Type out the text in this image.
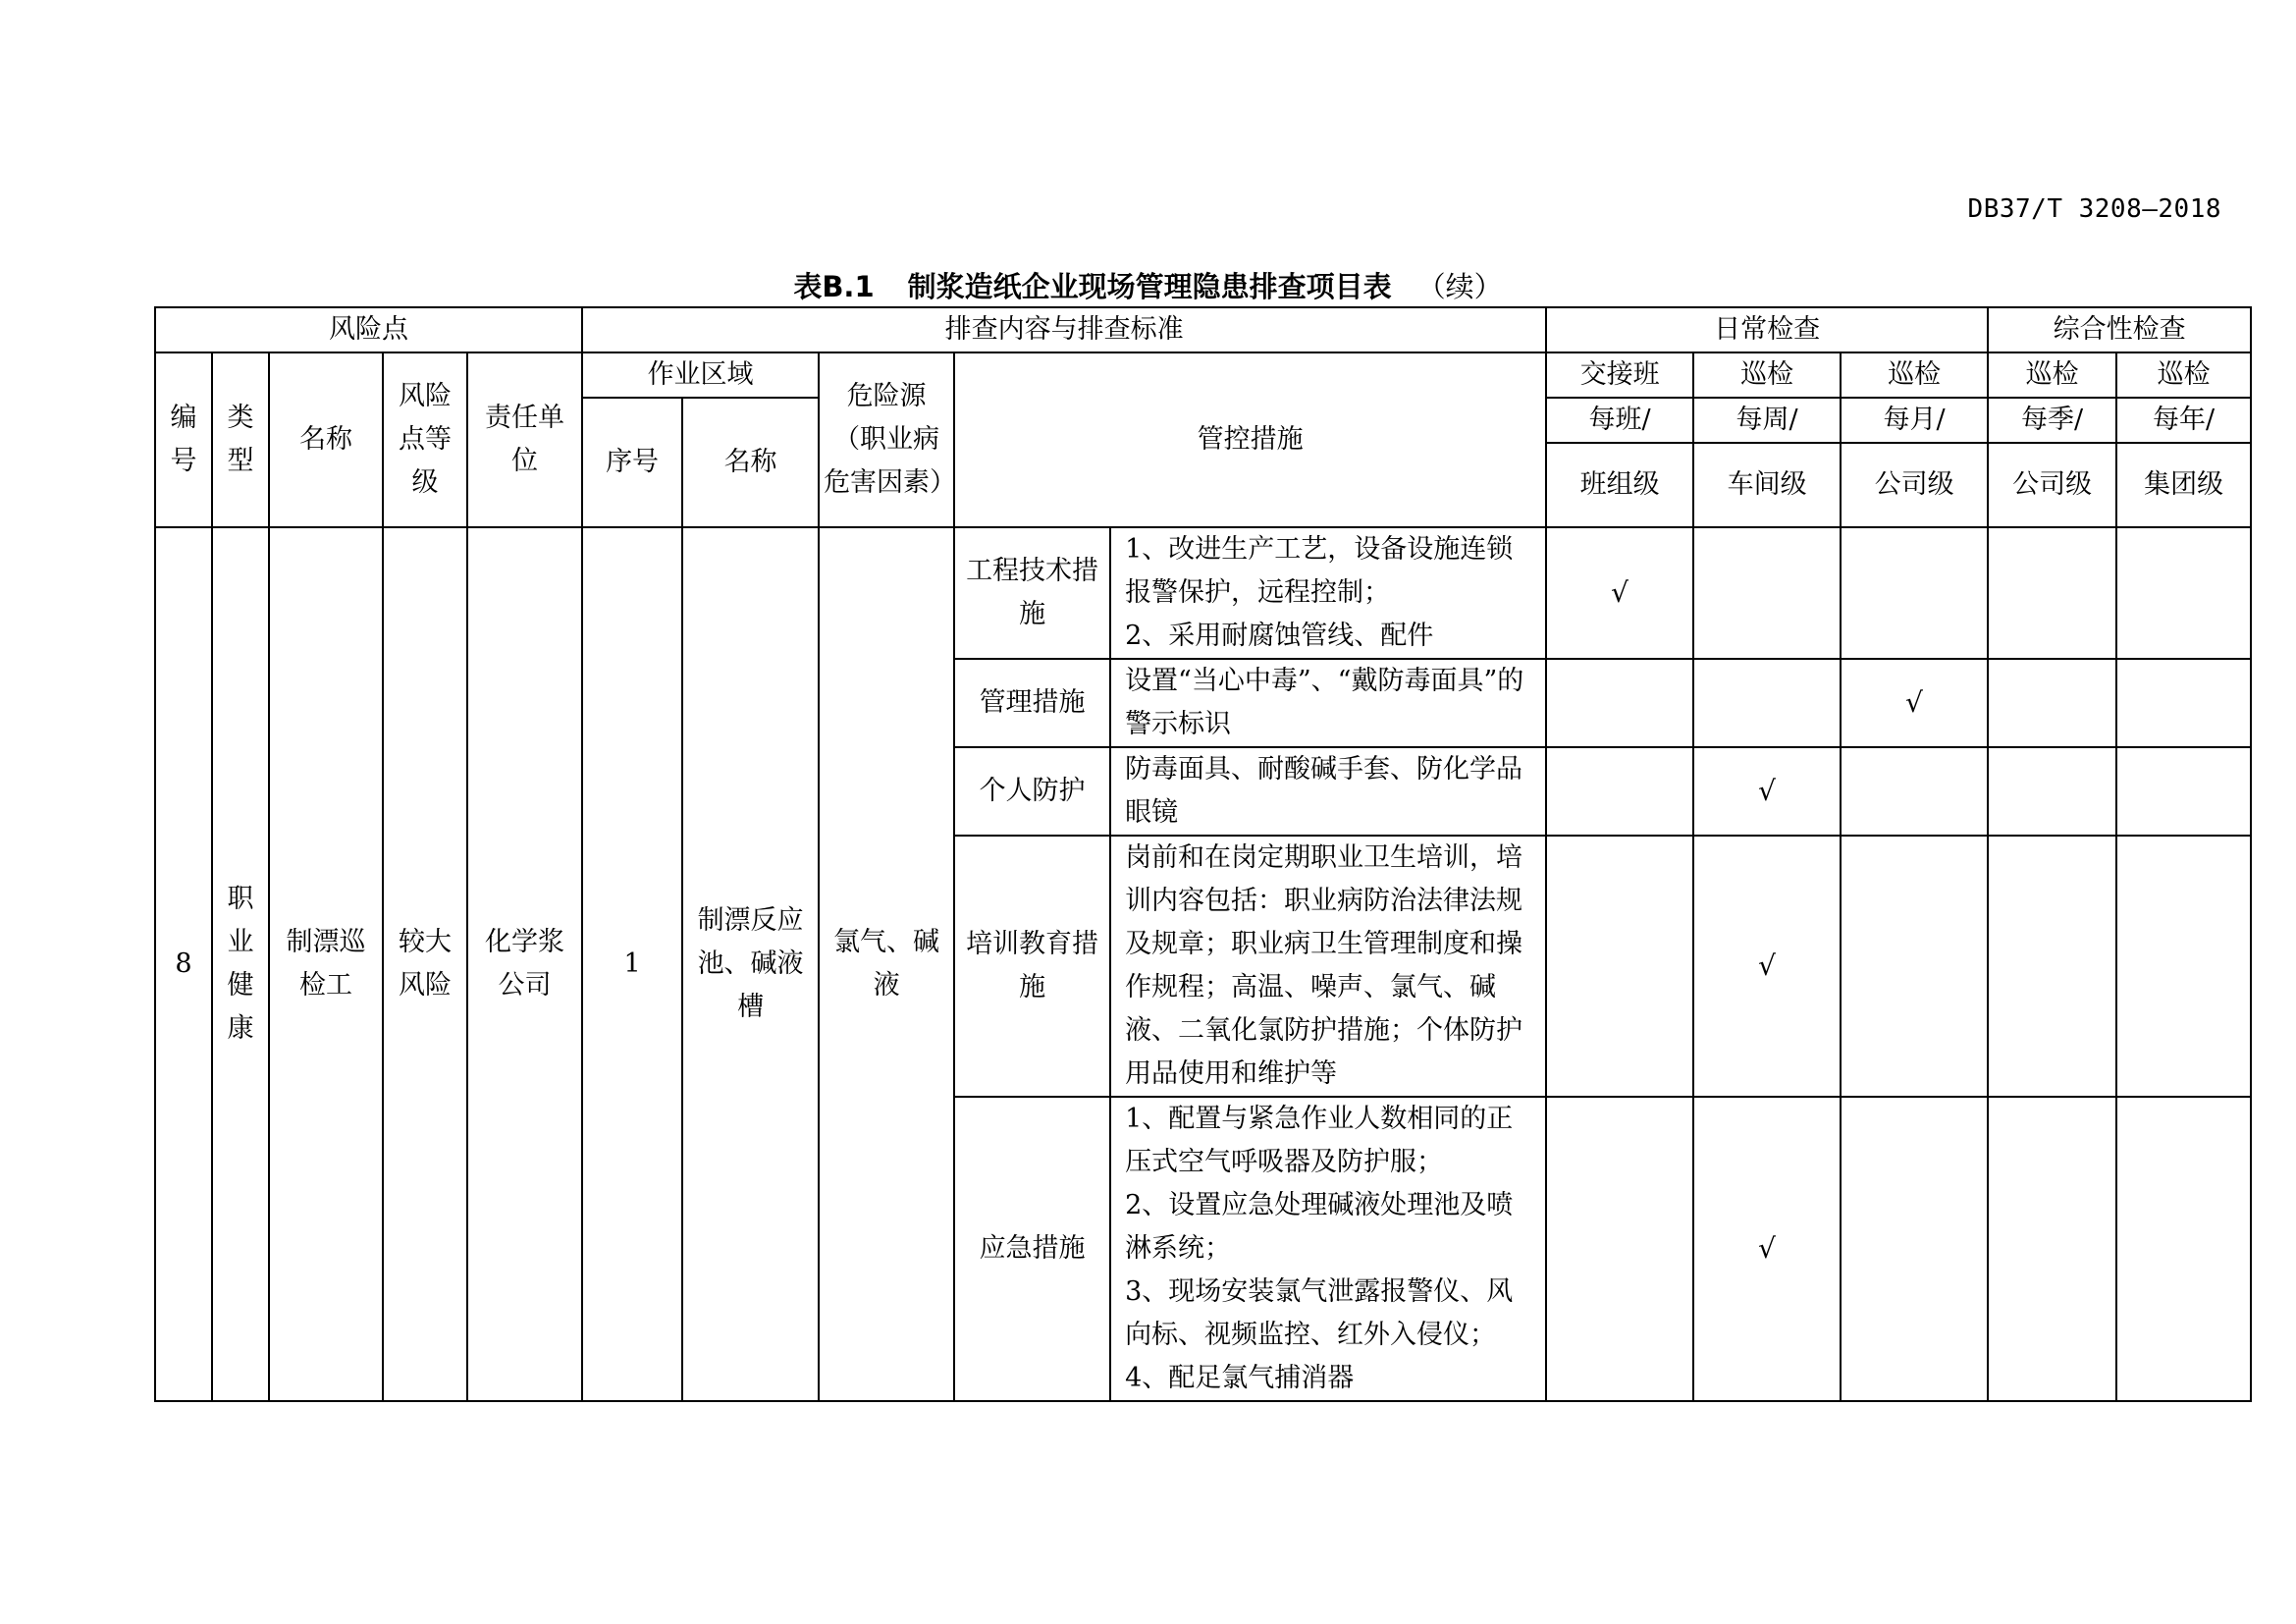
DB37/T 3208—2018
表B.1 制浆造纸企业现场管理隐患排查项目表 （续）
风险点					排查内容与排查标准					日常检查			综合性检查	
编号	类型	名称	风险点等级	责任单位	作业区域		危险源（职业病危害因素）	管控措施		交接班	巡检	巡检	巡检	巡检
					序号	名称				每班/	每周/	每月/	每季/	每年/
										班组级	车间级	公司级	公司级	集团级
8	职业健康	制漂巡检工	较大风险	化学浆公司	1	制漂反应池、碱液槽	氯气、碱液	工程技术措施	1、改进生产工艺，设备设施连锁报警保护，远程控制；
2、采用耐腐蚀管线、配件	√				
								管理措施	设置“当心中毒”、“戴防毒面具”的警示标识			√		
								个人防护	防毒面具、耐酸碱手套、防化学品眼镜		√			
								培训教育措施	岗前和在岗定期职业卫生培训，培训内容包括：职业病防治法律法规及规章；职业病卫生管理制度和操作规程；高温、噪声、氯气、碱液、二氧化氯防护措施；个体防护用品使用和维护等		√			
								应急措施	1、配置与紧急作业人数相同的正压式空气呼吸器及防护服；
2、设置应急处理碱液处理池及喷淋系统；
3、现场安装氯气泄露报警仪、风向标、视频监控、红外入侵仪；
4、配足氯气捕消器		√			
